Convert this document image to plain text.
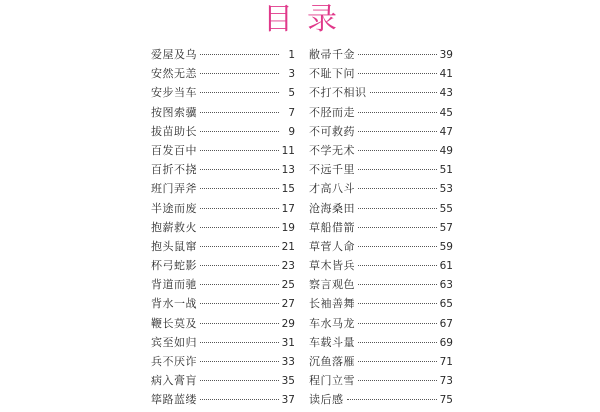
目录
爱屋及乌	1
安然无恙	3
安步当车	5
按图索骥	7
拔苗助长	9
百发百中	11
百折不挠	13
班门弄斧	15
半途而废	17
抱薪救火	19
抱头鼠窜	21
杯弓蛇影	23
背道而驰	25
背水一战	27
鞭长莫及	29
宾至如归	31
兵不厌诈	33
病入膏肓	35
筚路蓝缕	37
敝帚千金	39
不耻下问	41
不打不相识	43
不胫而走	45
不可救药	47
不学无术	49
不远千里	51
才高八斗	53
沧海桑田	55
草船借箭	57
草菅人命	59
草木皆兵	61
察言观色	63
长袖善舞	65
车水马龙	67
车载斗量	69
沉鱼落雁	71
程门立雪	73
读后感	75
